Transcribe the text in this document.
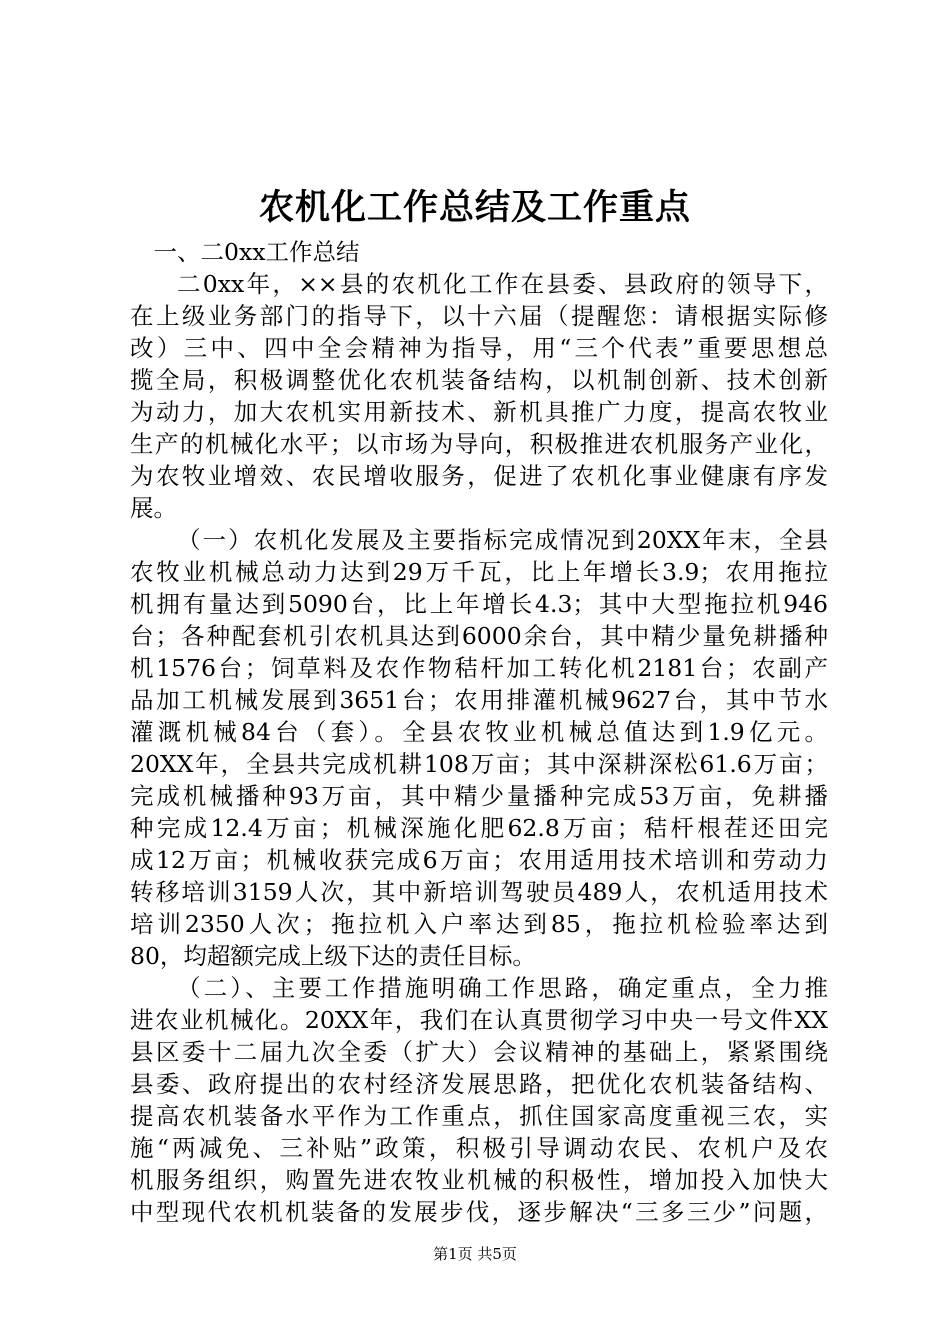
农机化工作总结及工作重点
一、二0xx工作总结
二0xx年，××县的农机化工作在县委、县政府的领导下，
在上级业务部门的指导下，以十六届（提醒您：请根据实际修
改）三中、四中全会精神为指导，用“三个代表”重要思想总
揽全局，积极调整优化农机装备结构，以机制创新、技术创新
为动力，加大农机实用新技术、新机具推广力度，提高农牧业
生产的机械化水平；以市场为导向，积极推进农机服务产业化，
为农牧业增效、农民增收服务，促进了农机化事业健康有序发
展。
（一）农机化发展及主要指标完成情况到20XX年末，全县
农牧业机械总动力达到29万千瓦，比上年增长3.9；农用拖拉
机拥有量达到5090台，比上年增长4.3；其中大型拖拉机946
台；各种配套机引农机具达到6000余台，其中精少量免耕播种
机1576台；饲草料及农作物秸杆加工转化机2181台；农副产
品加工机械发展到3651台；农用排灌机械9627台，其中节水
灌溉机械84台（套）。全县农牧业机械总值达到1.9亿元。
20XX年，全县共完成机耕108万亩；其中深耕深松61.6万亩；
完成机械播种93万亩，其中精少量播种完成53万亩，免耕播
种完成12.4万亩；机械深施化肥62.8万亩；秸杆根茬还田完
成12万亩；机械收获完成6万亩；农用适用技术培训和劳动力
转移培训3159人次，其中新培训驾驶员489人，农机适用技术
培训2350人次；拖拉机入户率达到85，拖拉机检验率达到
80，均超额完成上级下达的责任目标。
（二）、主要工作措施明确工作思路，确定重点，全力推
进农业机械化。20XX年，我们在认真贯彻学习中央一号文件XX
县区委十二届九次全委（扩大）会议精神的基础上，紧紧围绕
县委、政府提出的农村经济发展思路，把优化农机装备结构、
提高农机装备水平作为工作重点，抓住国家高度重视三农，实
施“两减免、三补贴”政策，积极引导调动农民、农机户及农
机服务组织，购置先进农牧业机械的积极性，增加投入加快大
中型现代农机机装备的发展步伐，逐步解决“三多三少”问题，
第1页 共5页
